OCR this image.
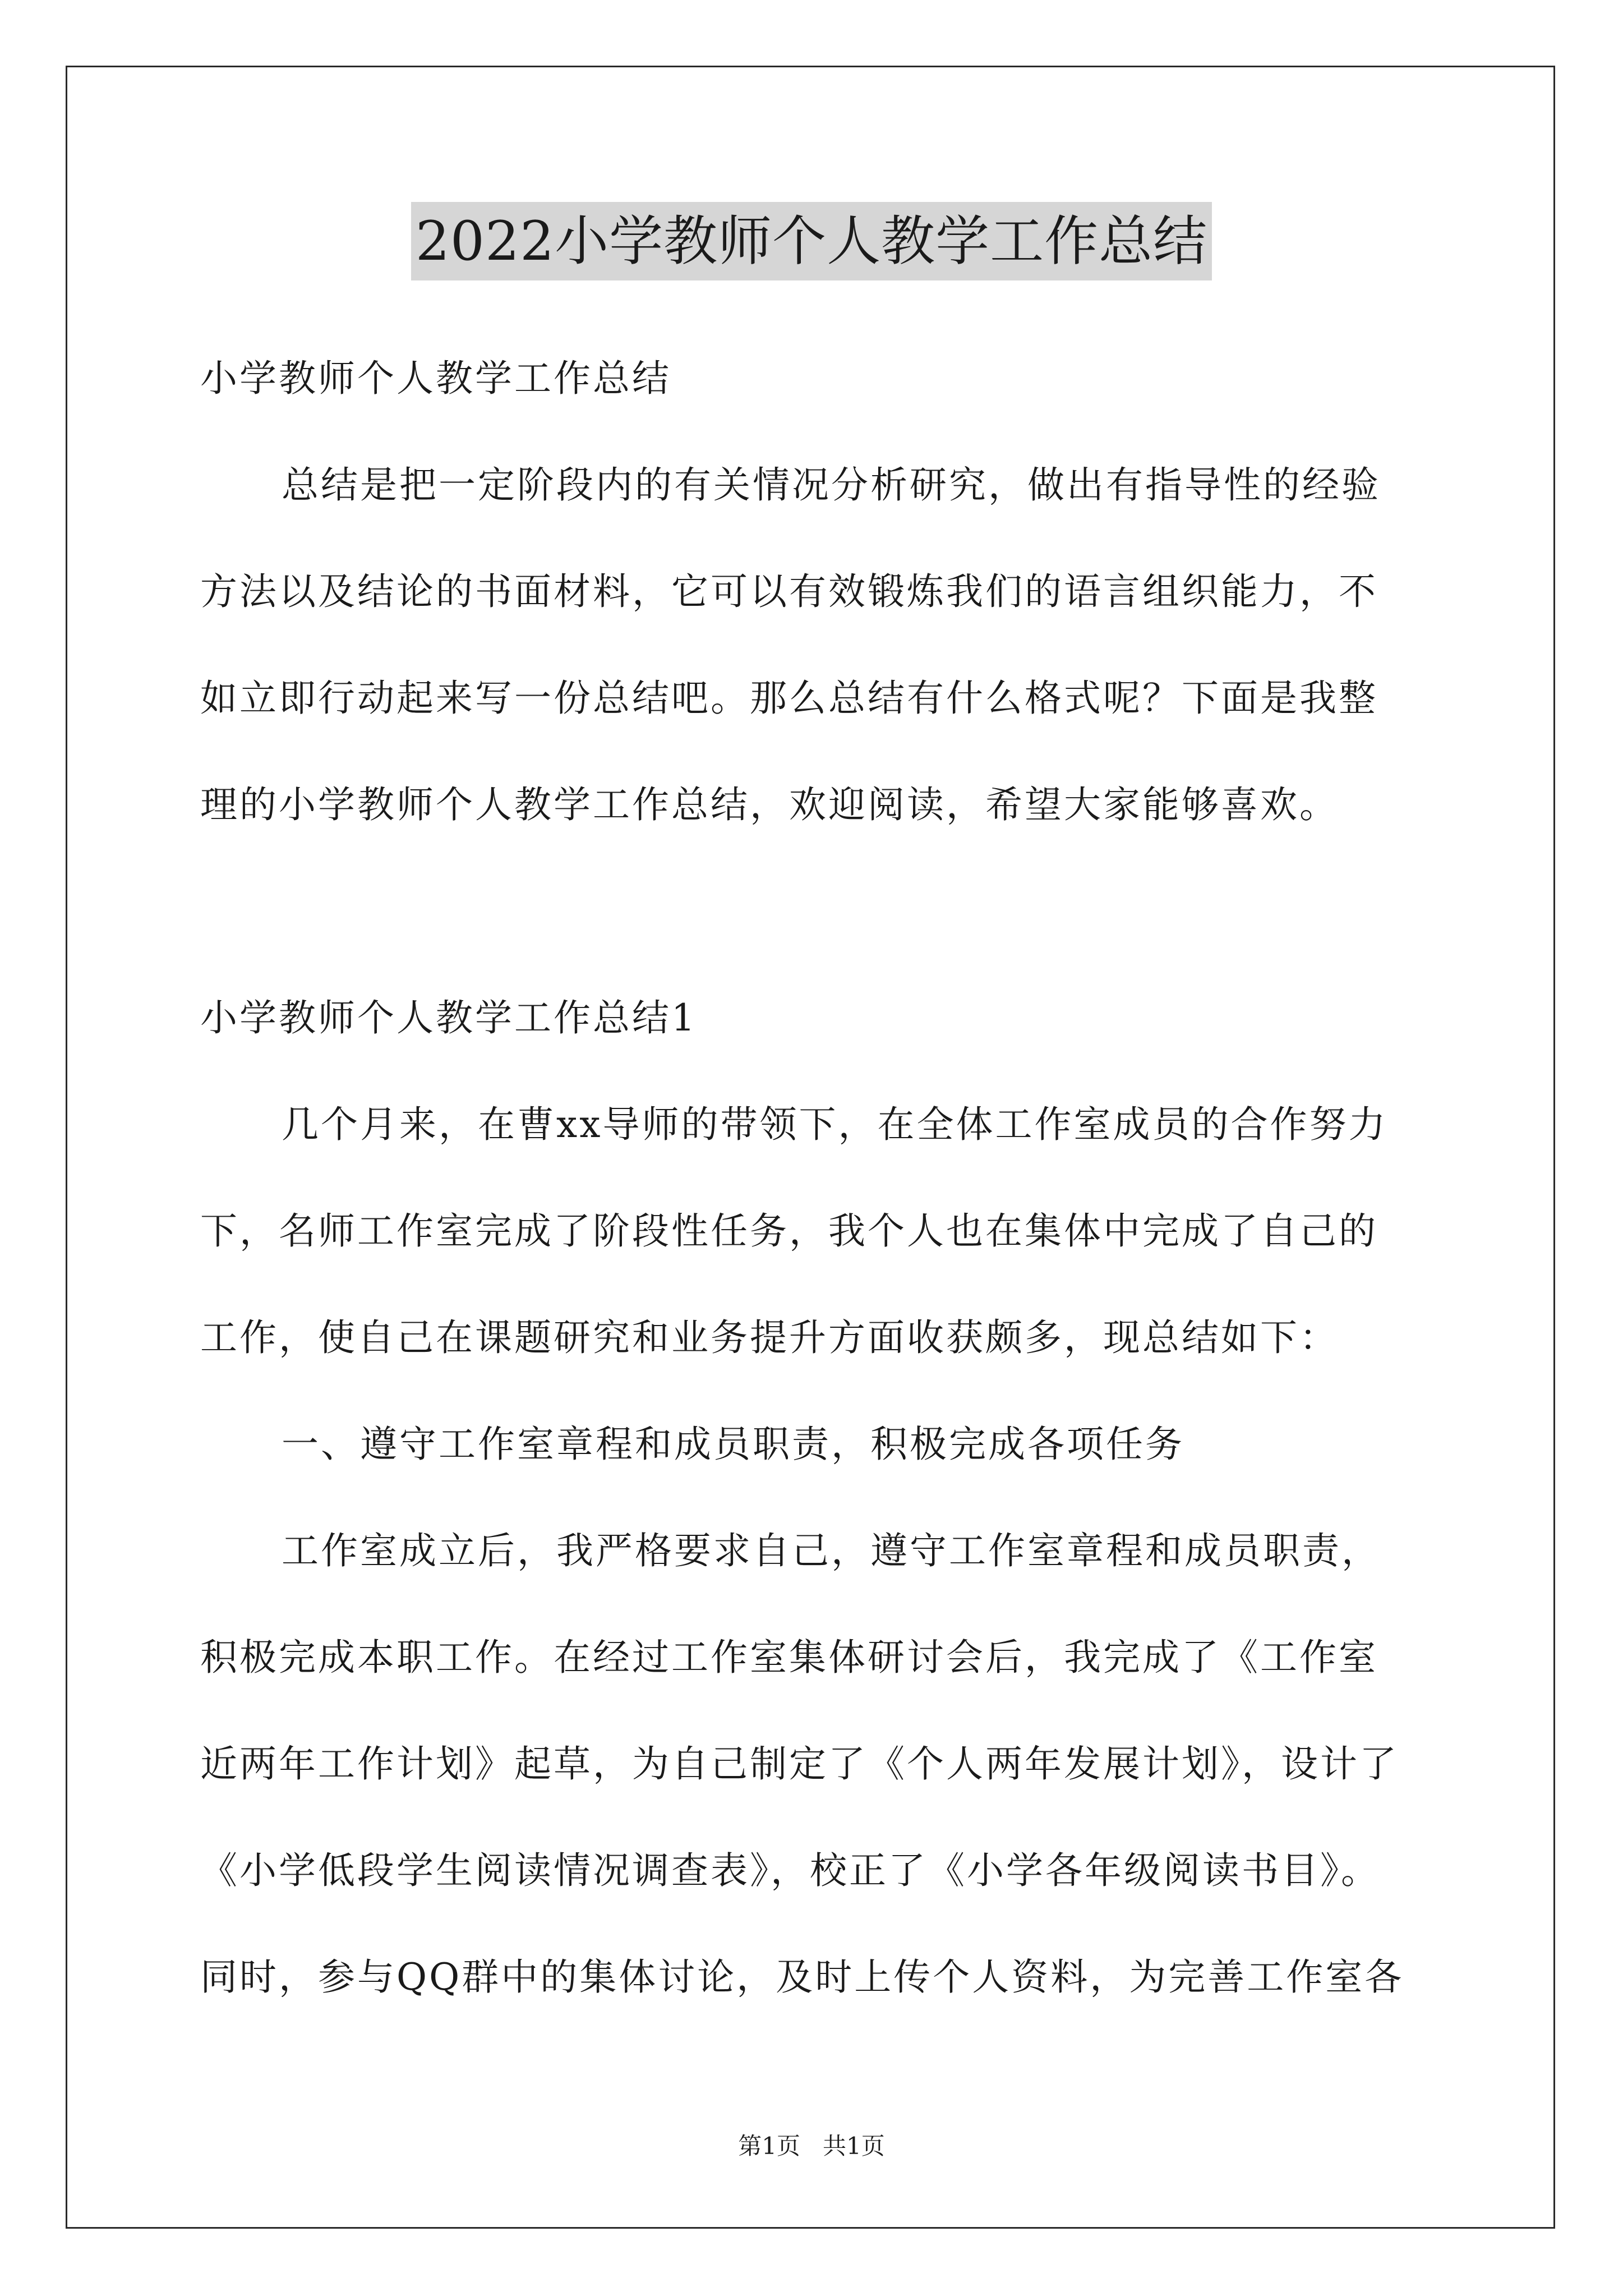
2022小学教师个人教学工作总结

小学教师个人教学工作总结

总结是把一定阶段内的有关情况分析研究，做出有指导性的经验

方法以及结论的书面材料，它可以有效锻炼我们的语言组织能力，不

如立即行动起来写一份总结吧。那么总结有什么格式呢？下面是我整

理的小学教师个人教学工作总结，欢迎阅读，希望大家能够喜欢。

小学教师个人教学工作总结1

几个月来，在曹xx导师的带领下，在全体工作室成员的合作努力

下，名师工作室完成了阶段性任务，我个人也在集体中完成了自己的

工作，使自己在课题研究和业务提升方面收获颇多，现总结如下：

一、遵守工作室章程和成员职责，积极完成各项任务

工作室成立后，我严格要求自己，遵守工作室章程和成员职责，

积极完成本职工作。在经过工作室集体研讨会后，我完成了《工作室

近两年工作计划》起草，为自己制定了《个人两年发展计划》，设计了

《小学低段学生阅读情况调查表》，校正了《小学各年级阅读书目》。

同时，参与QQ群中的集体讨论，及时上传个人资料，为完善工作室各

第1页 共1页
